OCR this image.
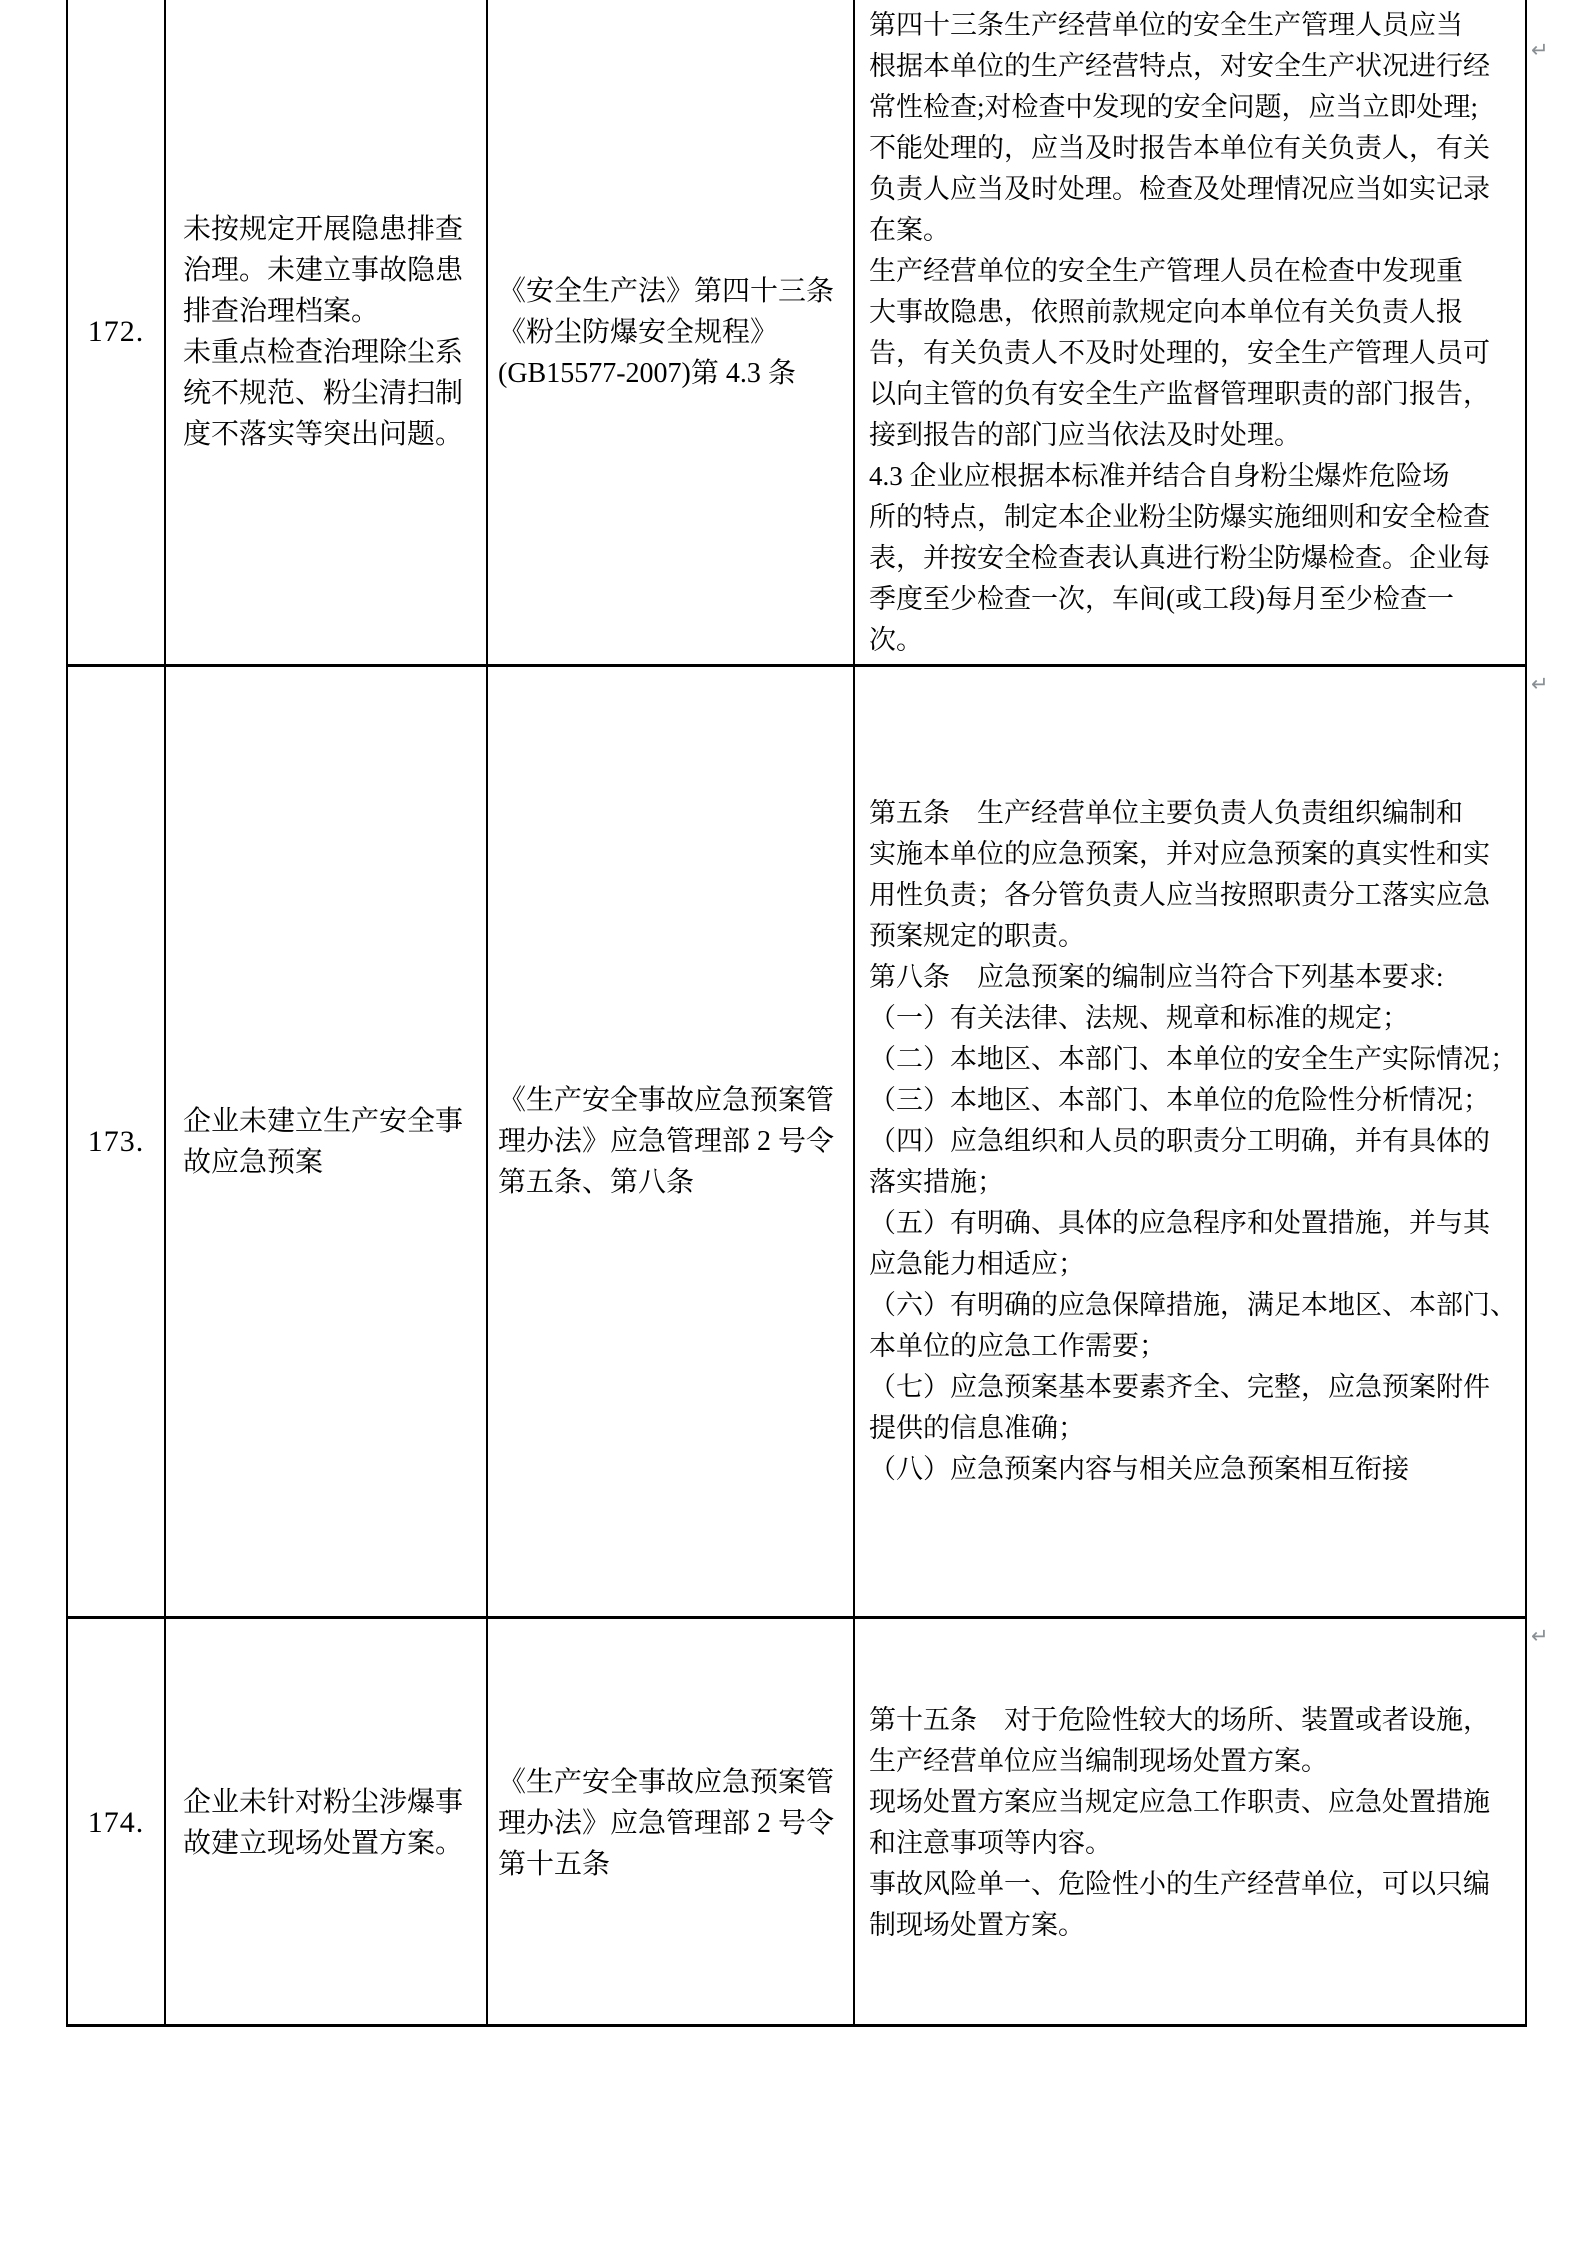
172.
未按规定开展隐患排查
治理。未建立事故隐患
排查治理档案。
未重点检查治理除尘系
统不规范、粉尘清扫制
度不落实等突出问题。
《安全生产法》第四十三条
《粉尘防爆安全规程》
(GB15577-2007)第 4.3 条
第四十三条生产经营单位的安全生产管理人员应当
根据本单位的生产经营特点，对安全生产状况进行经
常性检查;对检查中发现的安全问题，应当立即处理;
不能处理的，应当及时报告本单位有关负责人，有关
负责人应当及时处理。检查及处理情况应当如实记录
在案。
生产经营单位的安全生产管理人员在检查中发现重
大事故隐患，依照前款规定向本单位有关负责人报
告，有关负责人不及时处理的，安全生产管理人员可
以向主管的负有安全生产监督管理职责的部门报告，
接到报告的部门应当依法及时处理。
4.3 企业应根据本标准并结合自身粉尘爆炸危险场
所的特点，制定本企业粉尘防爆实施细则和安全检查
表，并按安全检查表认真进行粉尘防爆检查。企业每
季度至少检查一次，车间(或工段)每月至少检查一
次。
173.
企业未建立生产安全事
故应急预案
《生产安全事故应急预案管
理办法》应急管理部 2 号令
第五条、第八条
第五条　生产经营单位主要负责人负责组织编制和
实施本单位的应急预案，并对应急预案的真实性和实
用性负责；各分管负责人应当按照职责分工落实应急
预案规定的职责。
第八条　应急预案的编制应当符合下列基本要求:
（一）有关法律、法规、规章和标准的规定；
（二）本地区、本部门、本单位的安全生产实际情况；
（三）本地区、本部门、本单位的危险性分析情况；
（四）应急组织和人员的职责分工明确，并有具体的
落实措施；
（五）有明确、具体的应急程序和处置措施，并与其
应急能力相适应；
（六）有明确的应急保障措施，满足本地区、本部门、
本单位的应急工作需要；
（七）应急预案基本要素齐全、完整，应急预案附件
提供的信息准确；
（八）应急预案内容与相关应急预案相互衔接
174.
企业未针对粉尘涉爆事
故建立现场处置方案。
《生产安全事故应急预案管
理办法》应急管理部 2 号令
第十五条
第十五条　对于危险性较大的场所、装置或者设施，
生产经营单位应当编制现场处置方案。
现场处置方案应当规定应急工作职责、应急处置措施
和注意事项等内容。
事故风险单一、危险性小的生产经营单位，可以只编
制现场处置方案。
↵
↵
↵
